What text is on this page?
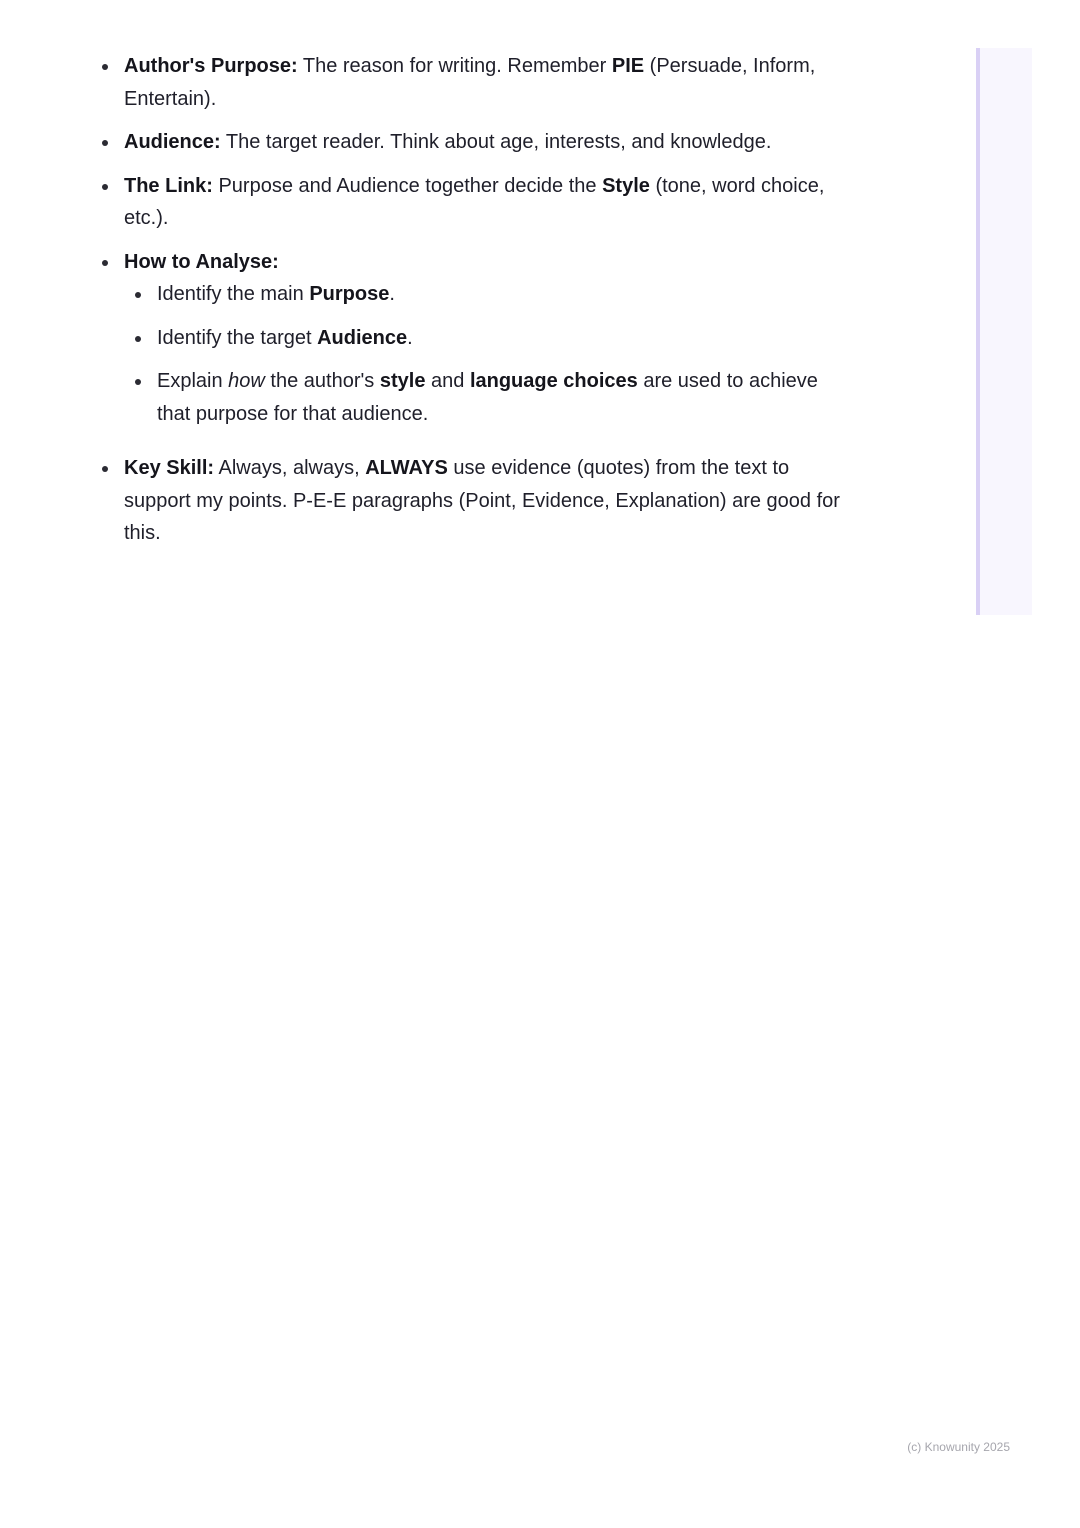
Author's Purpose: The reason for writing. Remember PIE (Persuade, Inform, Entertain).
Audience: The target reader. Think about age, interests, and knowledge.
The Link: Purpose and Audience together decide the Style (tone, word choice, etc.).
How to Analyse:
Identify the main Purpose.
Identify the target Audience.
Explain how the author's style and language choices are used to achieve that purpose for that audience.
Key Skill: Always, always, ALWAYS use evidence (quotes) from the text to support my points. P-E-E paragraphs (Point, Evidence, Explanation) are good for this.
(c) Knowunity 2025
